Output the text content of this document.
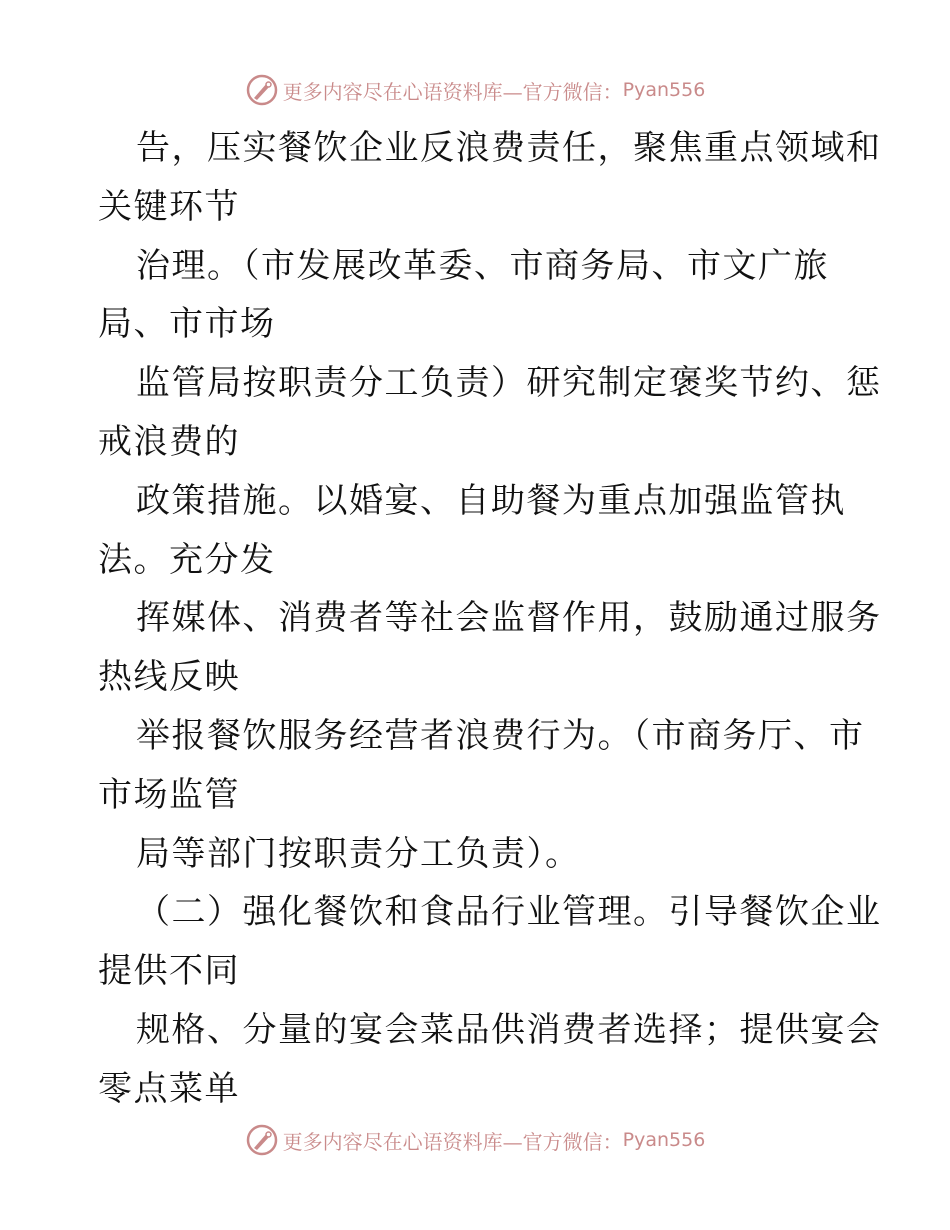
更多内容尽在心语资料库—官方微信： Pyan556
告，压实餐饮企业反浪费责任，聚焦重点领域和
关键环节
治理。（市发展改革委、市商务局、市文广旅
局、市市场
监管局按职责分工负责）研究制定褒奖节约、惩
戒浪费的
政策措施。以婚宴、自助餐为重点加强监管执
法。充分发
挥媒体、消费者等社会监督作用，鼓励通过服务
热线反映
举报餐饮服务经营者浪费行为。（市商务厅、市
市场监管
局等部门按职责分工负责）。
（二）强化餐饮和食品行业管理。引导餐饮企业
提供不同
规格、分量的宴会菜品供消费者选择；提供宴会
零点菜单
更多内容尽在心语资料库—官方微信： Pyan556
